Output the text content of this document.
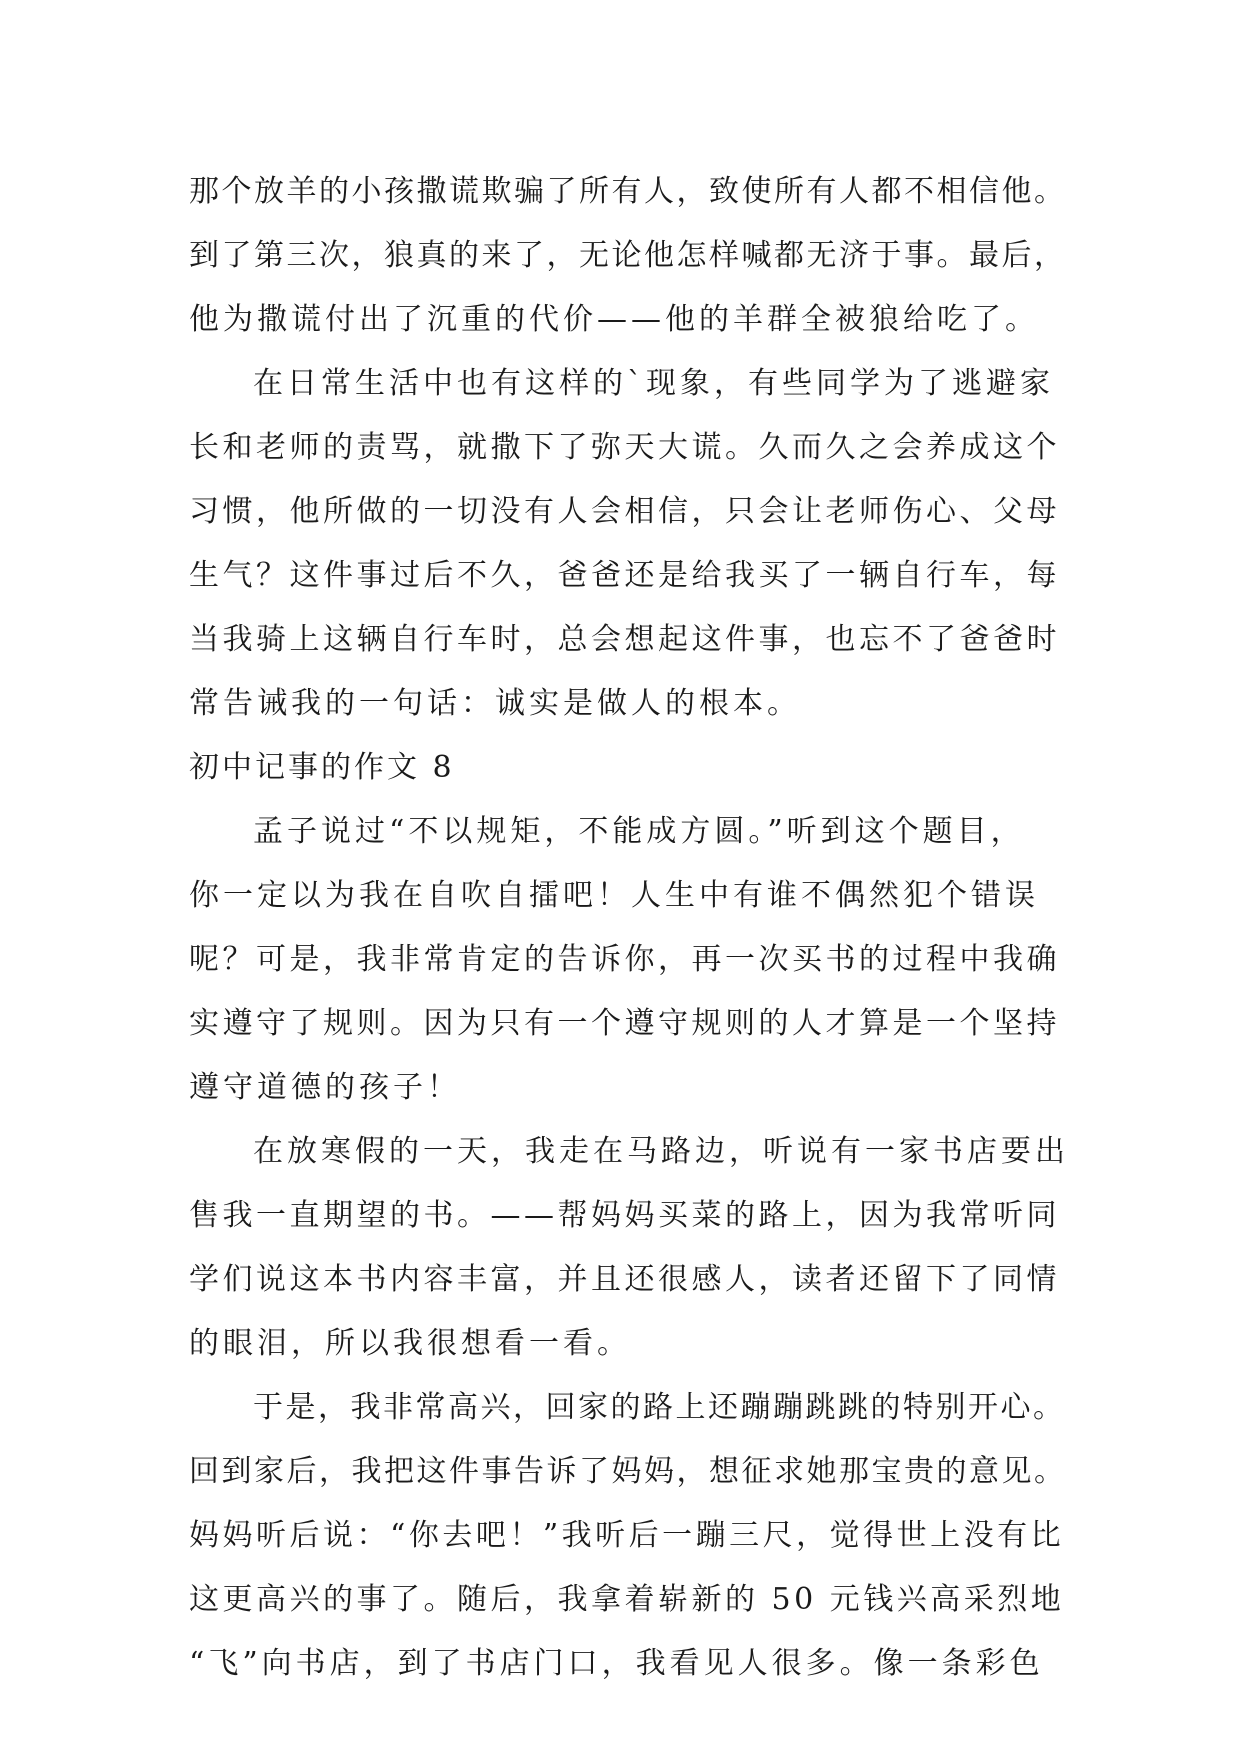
那个放羊的小孩撒谎欺骗了所有人，致使所有人都不相信他。
到了第三次，狼真的来了，无论他怎样喊都无济于事。最后，
他为撒谎付出了沉重的代价——他的羊群全被狼给吃了。
在日常生活中也有这样的`现象，有些同学为了逃避家
长和老师的责骂，就撒下了弥天大谎。久而久之会养成这个
习惯，他所做的一切没有人会相信，只会让老师伤心、父母
生气？这件事过后不久，爸爸还是给我买了一辆自行车，每
当我骑上这辆自行车时，总会想起这件事，也忘不了爸爸时
常告诫我的一句话：诚实是做人的根本。
初中记事的作文 8
孟子说过“不以规矩，不能成方圆。”听到这个题目，
你一定以为我在自吹自擂吧！人生中有谁不偶然犯个错误
呢？可是，我非常肯定的告诉你，再一次买书的过程中我确
实遵守了规则。因为只有一个遵守规则的人才算是一个坚持
遵守道德的孩子！
在放寒假的一天，我走在马路边，听说有一家书店要出
售我一直期望的书。——帮妈妈买菜的路上，因为我常听同
学们说这本书内容丰富，并且还很感人，读者还留下了同情
的眼泪，所以我很想看一看。
于是，我非常高兴，回家的路上还蹦蹦跳跳的特别开心。
回到家后，我把这件事告诉了妈妈，想征求她那宝贵的意见。
妈妈听后说：“你去吧！”我听后一蹦三尺，觉得世上没有比
这更高兴的事了。随后，我拿着崭新的 50 元钱兴高采烈地
“飞”向书店，到了书店门口，我看见人很多。像一条彩色
